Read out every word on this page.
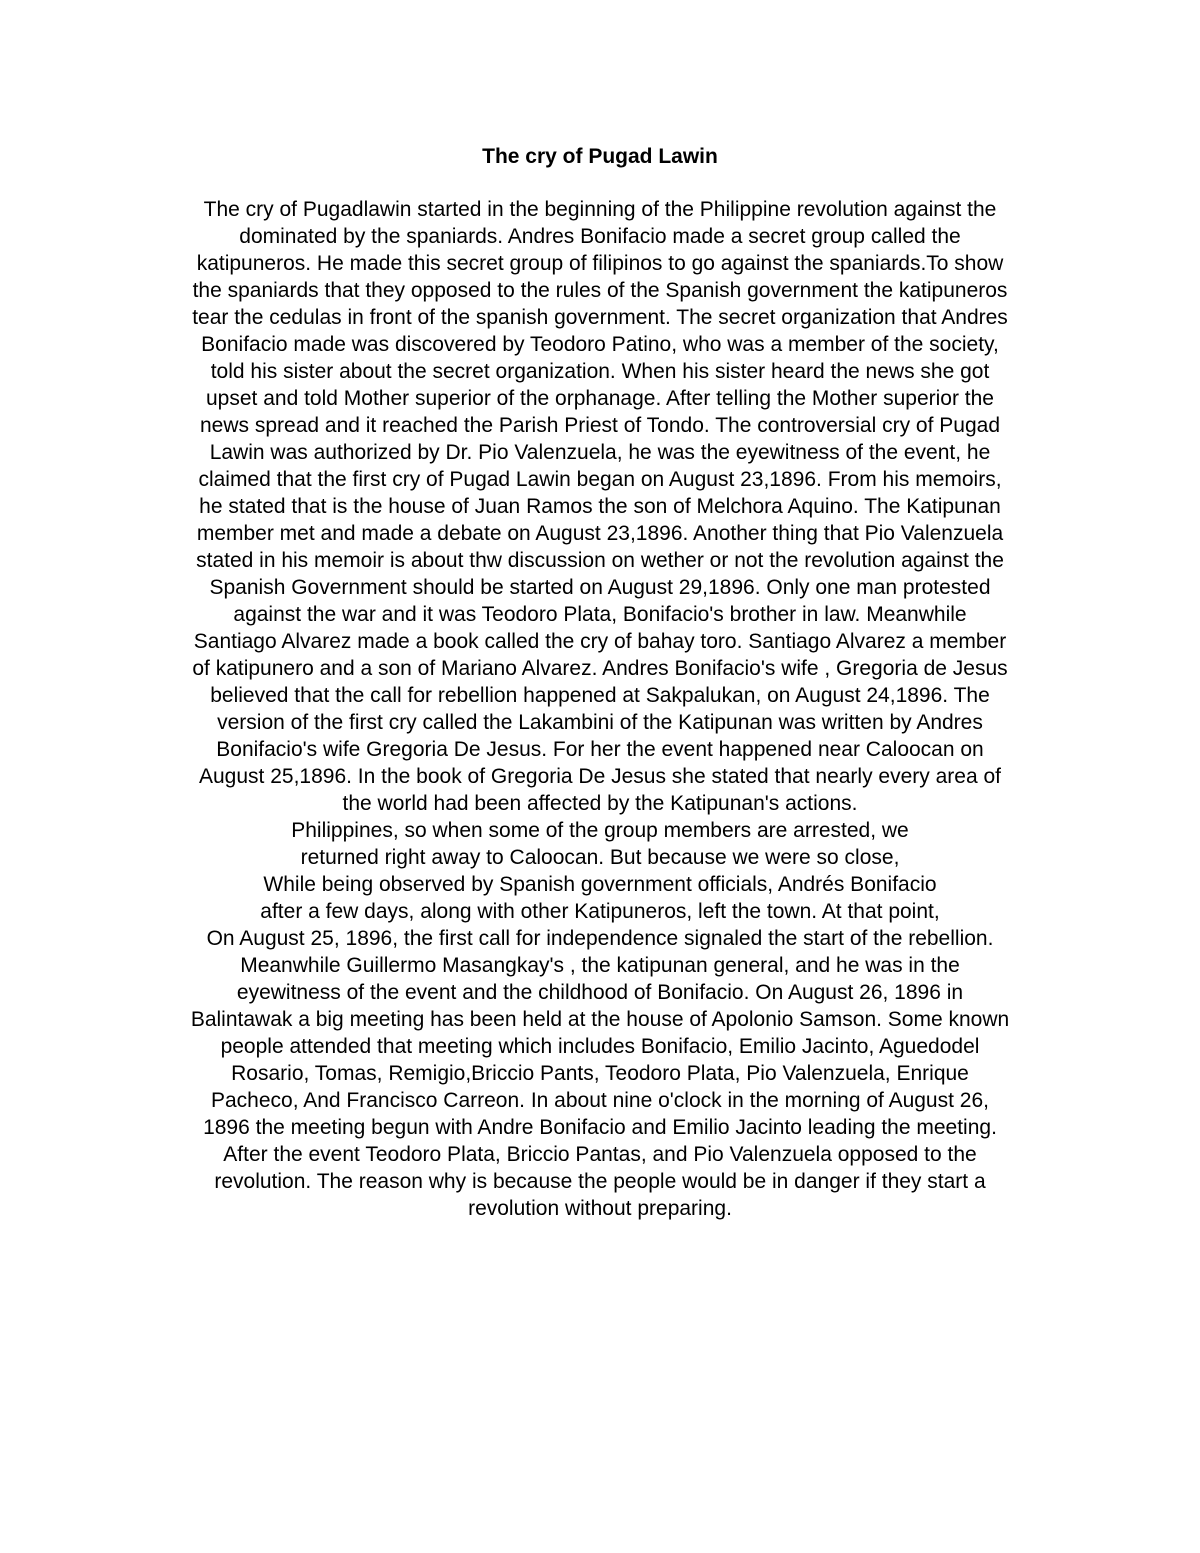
The cry of Pugad Lawin
The cry of Pugadlawin started in the beginning of the Philippine revolution against the
dominated by the spaniards. Andres Bonifacio made a secret group called the
katipuneros. He made this secret group of filipinos to go against the spaniards.To show
the spaniards that they opposed to the rules of the Spanish government the katipuneros
tear the cedulas in front of the spanish government. The secret organization that Andres
Bonifacio made was discovered by Teodoro Patino, who was a member of the society,
told his sister about the secret organization. When his sister heard the news she got
upset and told Mother superior of the orphanage. After telling the Mother superior the
news spread and it reached the Parish Priest of Tondo. The controversial cry of Pugad
Lawin was authorized by Dr. Pio Valenzuela, he was the eyewitness of the event, he
claimed that the first cry of Pugad Lawin began on August 23,1896. From his memoirs,
he stated that is the house of Juan Ramos the son of Melchora Aquino. The Katipunan
member met and made a debate on August 23,1896. Another thing that Pio Valenzuela
stated in his memoir is about thw discussion on wether or not the revolution against the
Spanish Government should be started on August 29,1896. Only one man protested
against the war and it was Teodoro Plata, Bonifacio's brother in law. Meanwhile
Santiago Alvarez made a book called the cry of bahay toro. Santiago Alvarez a member
of katipunero and a son of Mariano Alvarez. Andres Bonifacio's wife , Gregoria de Jesus
believed that the call for rebellion happened at Sakpalukan, on August 24,1896. The
version of the first cry called the Lakambini of the Katipunan was written by Andres
Bonifacio's wife Gregoria De Jesus. For her the event happened near Caloocan on
August 25,1896. In the book of Gregoria De Jesus she stated that nearly every area of
the world had been affected by the Katipunan's actions.
Philippines, so when some of the group members are arrested, we
returned right away to Caloocan. But because we were so close,
While being observed by Spanish government officials, Andrés Bonifacio
after a few days, along with other Katipuneros, left the town. At that point,
On August 25, 1896, the first call for independence signaled the start of the rebellion.
Meanwhile Guillermo Masangkay's , the katipunan general, and he was in the
eyewitness of the event and the childhood of Bonifacio. On August 26, 1896 in
Balintawak a big meeting has been held at the house of Apolonio Samson. Some known
people attended that meeting which includes Bonifacio, Emilio Jacinto, Aguedodel
Rosario, Tomas, Remigio,Briccio Pants, Teodoro Plata, Pio Valenzuela, Enrique
Pacheco, And Francisco Carreon. In about nine o'clock in the morning of August 26,
1896 the meeting begun with Andre Bonifacio and Emilio Jacinto leading the meeting.
After the event Teodoro Plata, Briccio Pantas, and Pio Valenzuela opposed to the
revolution. The reason why is because the people would be in danger if they start a
revolution without preparing.
